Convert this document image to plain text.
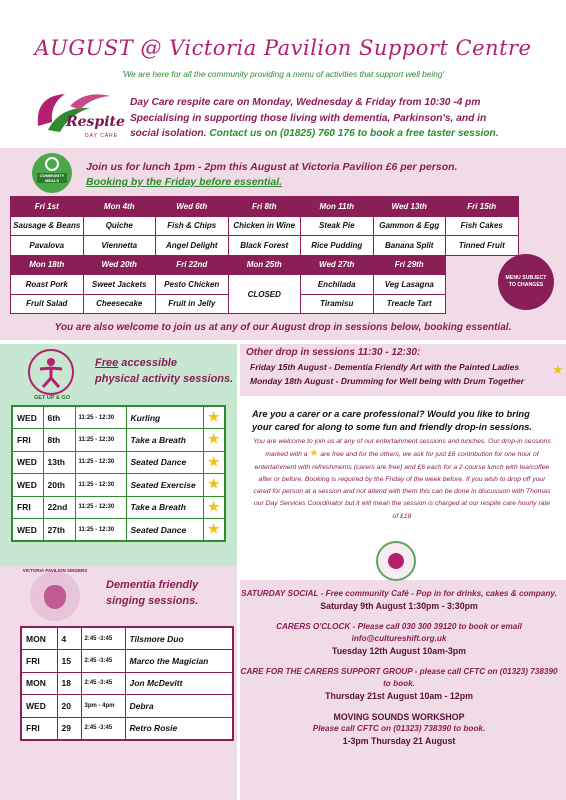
AUGUST @ Victoria Pavilion Support Centre
'We are here for all the community providing a menu of activities that support well being'
Respite
DAY CARE
Day Care respite care on Monday, Wednesday & Friday from 10:30 -4 pm
Specialising in supporting those living with dementia, Parkinson's, and in
social isolation. Contact us on (01825) 760 176 to book a free taster session.
COMMUNITY MEALS
Join us for lunch 1pm - 2pm this August at Victoria Pavilion £6 per person.
Booking by the Friday before essential.
Fri 1st	Mon 4th	Wed 6th	Fri 8th	Mon 11th	Wed 13th	Fri 15th
Sausage & Beans	Quiche	Fish & Chips	Chicken in Wine	Steak Pie	Gammon & Egg	Fish Cakes
Pavalova	Viennetta	Angel Delight	Black Forest	Rice Pudding	Banana Split	Tinned Fruit
Mon 18th	Wed 20th	Fri 22nd	Mon 25th	Wed 27th	Fri 29th	
Roast Pork	Sweet Jackets	Pesto Chicken	CLOSED	Enchilada	Veg Lasagna	
Fruit Salad	Cheesecake	Fruit in Jelly		Tiramisu	Treacle Tart	
MENU SUBJECT TO CHANGES
You are also welcome to join us at any of our August drop in sessions below, booking essential.
GET UP & GO
Free accessible
physical activity sessions.
WED	6th	11:25 - 12:30	Kurling	★
FRI	8th	11:25 - 12:30	Take a Breath	★
WED	13th	11:25 - 12:30	Seated Dance	★
WED	20th	11:25 - 12:30	Seated Exercise	★
FRI	22nd	11:25 - 12:30	Take a Breath	★
WED	27th	11:25 - 12:30	Seated Dance	★
Other drop in sessions 11:30 - 12:30:
Friday 15th August - Dementia Friendly Art with the Painted Ladies
Monday 18th August - Drumming for Well being with Drum Together
★
Are you a carer or a care professional? Would you like to bring your cared for along to some fun and friendly drop-in sessions.
You are welcome to join us at any of our entertainment sessions and lunches. Our drop-in sessions marked with a ★ are free and for the others, we ask for just £6 contribution for one hour of entertainment with refreshments (carers are free) and £6 each for a 2-course lunch with tea/coffee after or before. Booking is required by the Friday of the week before. If you wish to drop off your cared for person at a session and not attend with them this can be done in discussion with Thomas our Day Services Coordinator but it will mean the session is charged at our respite care hourly rate of £18
VICTORIA PAVILION SINGERS
Dementia friendly
singing sessions.
MON	4	2:45 -3:45	Tilsmore Duo
FRI	15	2:45 -3:45	Marco the Magician
MON	18	2:45 -3:45	Jon McDevitt
WED	20	3pm - 4pm	Debra
FRI	29	2:45 -3:45	Retro Rosie
SATURDAY SOCIAL - Free community Café - Pop in for drinks, cakes & company.
Saturday 9th August 1:30pm - 3:30pm
CARERS O'CLOCK - Please call 030 300 39120 to book or email info@cultureshift.org.uk
Tuesday 12th August 10am-3pm
CARE FOR THE CARERS SUPPORT GROUP - please call CFTC on (01323) 738390 to book.
Thursday 21st August 10am - 12pm
MOVING SOUNDS WORKSHOP
Please call CFTC on (01323) 738390 to book.
1-3pm Thursday 21 August
